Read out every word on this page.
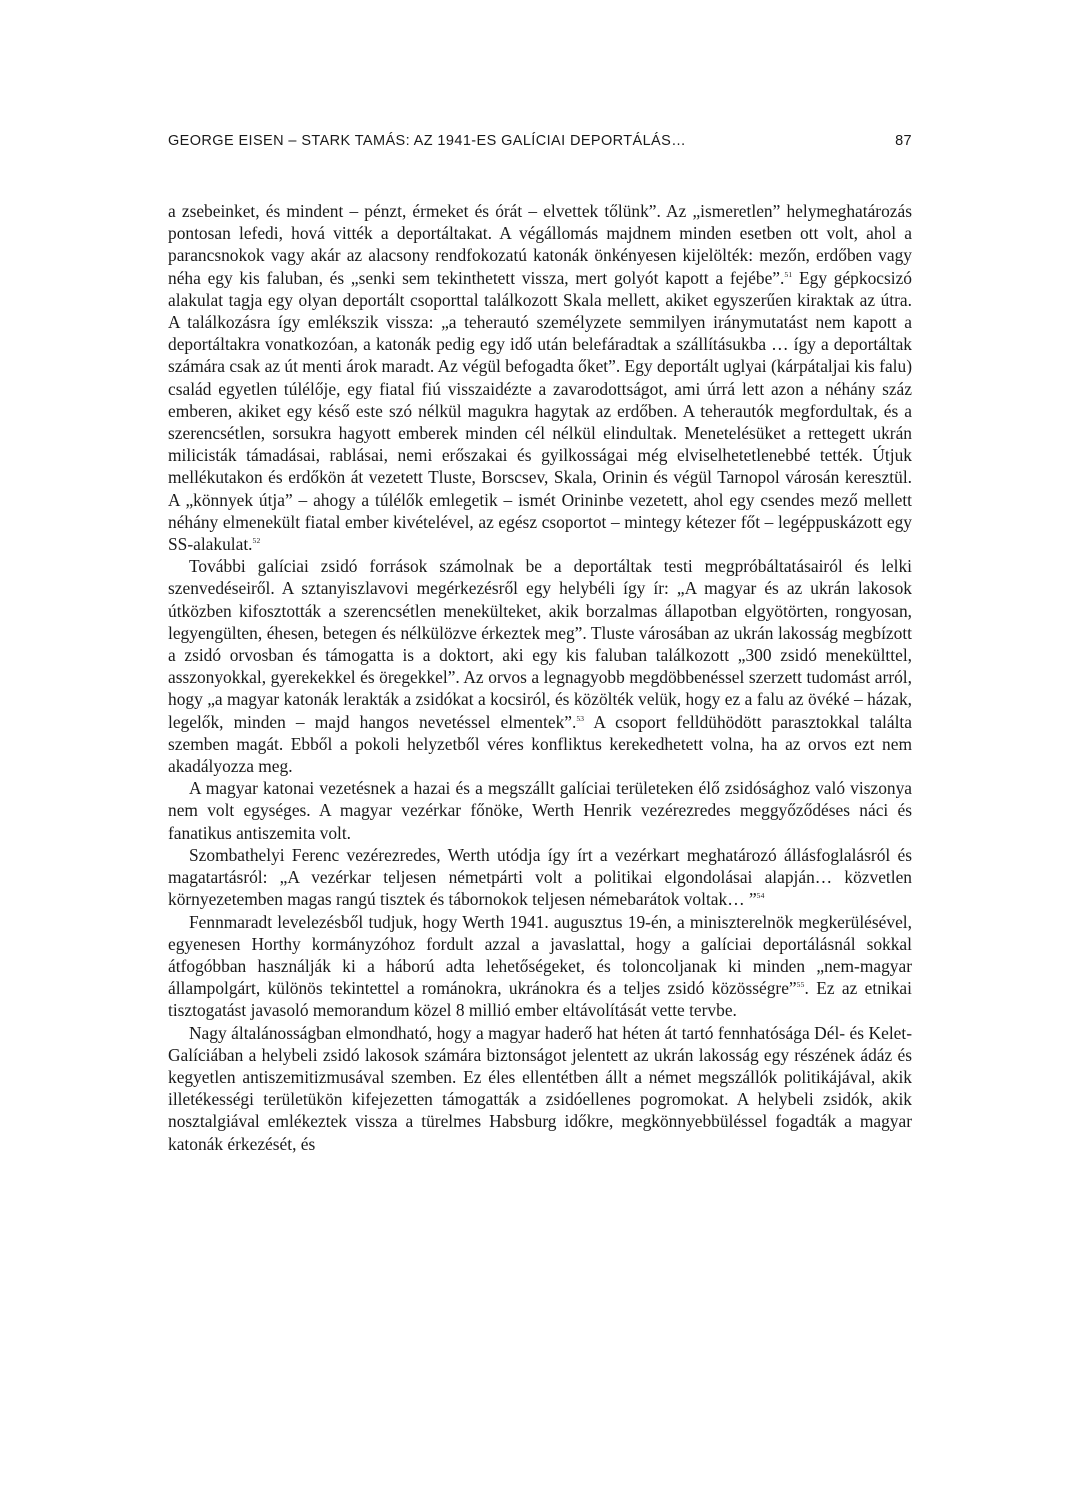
GEORGE EISEN – STARK TAMÁS: AZ 1941-ES GALÍCIAI DEPORTÁLÁS…	87

a zsebeinket, és mindent – pénzt, érmeket és órát – elvettek tőlünk”. Az „ismeretlen” helymeghatározás pontosan lefedi, hová vitték a deportáltakat. A végállomás majdnem minden esetben ott volt, ahol a parancsnokok vagy akár az alacsony rendfokozatú katonák önkényesen kijelölték: mezőn, erdőben vagy néha egy kis faluban, és „senki sem tekinthetett vissza, mert golyót kapott a fejébe”.$^{51}$ Egy gépkocsizó alakulat tagja egy olyan deportált csoporttal találkozott Skala mellett, akiket egyszerűen kiraktak az útra. A találkozásra így emlékszik vissza: „a teherautó személyzete semmilyen iránymutatást nem kapott a deportáltakra vonatkozóan, a katonák pedig egy idő után belefáradtak a szállításukba … így a deportáltak számára csak az út menti árok maradt. Az végül befogadta őket”. Egy deportált uglyai (kárpátaljai kis falu) család egyetlen túlélője, egy fiatal fiú visszaidézte a zavarodottságot, ami úrrá lett azon a néhány száz emberen, akiket egy késő este szó nélkül magukra hagytak az erdőben. A teherautók megfordultak, és a szerencsétlen, sorsukra hagyott emberek minden cél nélkül elindultak. Menetelésüket a rettegett ukrán milicisták támadásai, rablásai, nemi erőszakai és gyilkosságai még elviselhetetlenebbé tették. Útjuk mellékutakon és erdőkön át vezetett Tluste, Borscsev, Skala, Orinin és végül Tarnopol városán keresztül. A „könnyek útja” – ahogy a túlélők emlegetik – ismét Orininbe vezetett, ahol egy csendes mező mellett néhány elmenekült fiatal ember kivételével, az egész csoportot – mintegy kétezer főt – legéppuskázott egy SS-alakulat.$^{52}$

További galíciai zsidó források számolnak be a deportáltak testi megpróbáltatásairól és lelki szenvedéseiről. A sztanyiszlavovi megérkezésről egy helybéli így ír: „A magyar és az ukrán lakosok útközben kifosztották a szerencsétlen menekülteket, akik borzalmas állapotban elgyötörten, rongyosan, legyengülten, éhesen, betegen és nélkülözve érkeztek meg”. Tluste városában az ukrán lakosság megbízott a zsidó orvosban és támogatta is a doktort, aki egy kis faluban találkozott „300 zsidó menekülttel, asszonyokkal, gyerekekkel és öregekkel”. Az orvos a legnagyobb megdöbbenéssel szerzett tudomást arról, hogy „a magyar katonák lerakták a zsidókat a kocsiról, és közölték velük, hogy ez a falu az övéké – házak, legelők, minden – majd hangos nevetéssel elmentek”.$^{53}$ A csoport felldühödött parasztokkal találta szemben magát. Ebből a pokoli helyzetből véres konfliktus kerekedhetett volna, ha az orvos ezt nem akadályozza meg.

A magyar katonai vezetésnek a hazai és a megszállt galíciai területeken élő zsidósághoz való viszonya nem volt egységes. A magyar vezérkar főnöke, Werth Henrik vezérezredes meggyőződéses náci és fanatikus antiszemita volt.

Szombathelyi Ferenc vezérezredes, Werth utódja így írt a vezérkart meghatározó állásfoglalásról és magatartásról: „A vezérkar teljesen németpárti volt a politikai elgondolásai alapján… közvetlen környezetemben magas rangú tisztek és tábornokok teljesen némebarátok voltak… ”$^{54}$

Fennmaradt levelezésből tudjuk, hogy Werth 1941. augusztus 19-én, a miniszterelnök megkerülésével, egyenesen Horthy kormányzóhoz fordult azzal a javaslattal, hogy a galíciai deportálásnál sokkal átfogóbban használják ki a háború adta lehetőségeket, és toloncoljanak ki minden „nem-magyar állampolgárt, különös tekintettel a románokra, ukránokra és a teljes zsidó közösségre”$^{55}$. Ez az etnikai tisztogatást javasoló memorandum közel 8 millió ember eltávolítását vette tervbe.

Nagy általánosságban elmondható, hogy a magyar haderő hat héten át tartó fennhatósága Dél- és Kelet-Galíciában a helybeli zsidó lakosok számára biztonságot jelentett az ukrán lakosság egy részének ádáz és kegyetlen antiszemitizmusával szemben. Ez éles ellentétben állt a német megszállók politikájával, akik illetékességi területükön kifejezetten támogatták a zsidóellenes pogromokat. A helybeli zsidók, akik nosztalgiával emlékeztek vissza a türelmes Habsburg időkre, megkönnyebbüléssel fogadták a magyar katonák érkezését, és
